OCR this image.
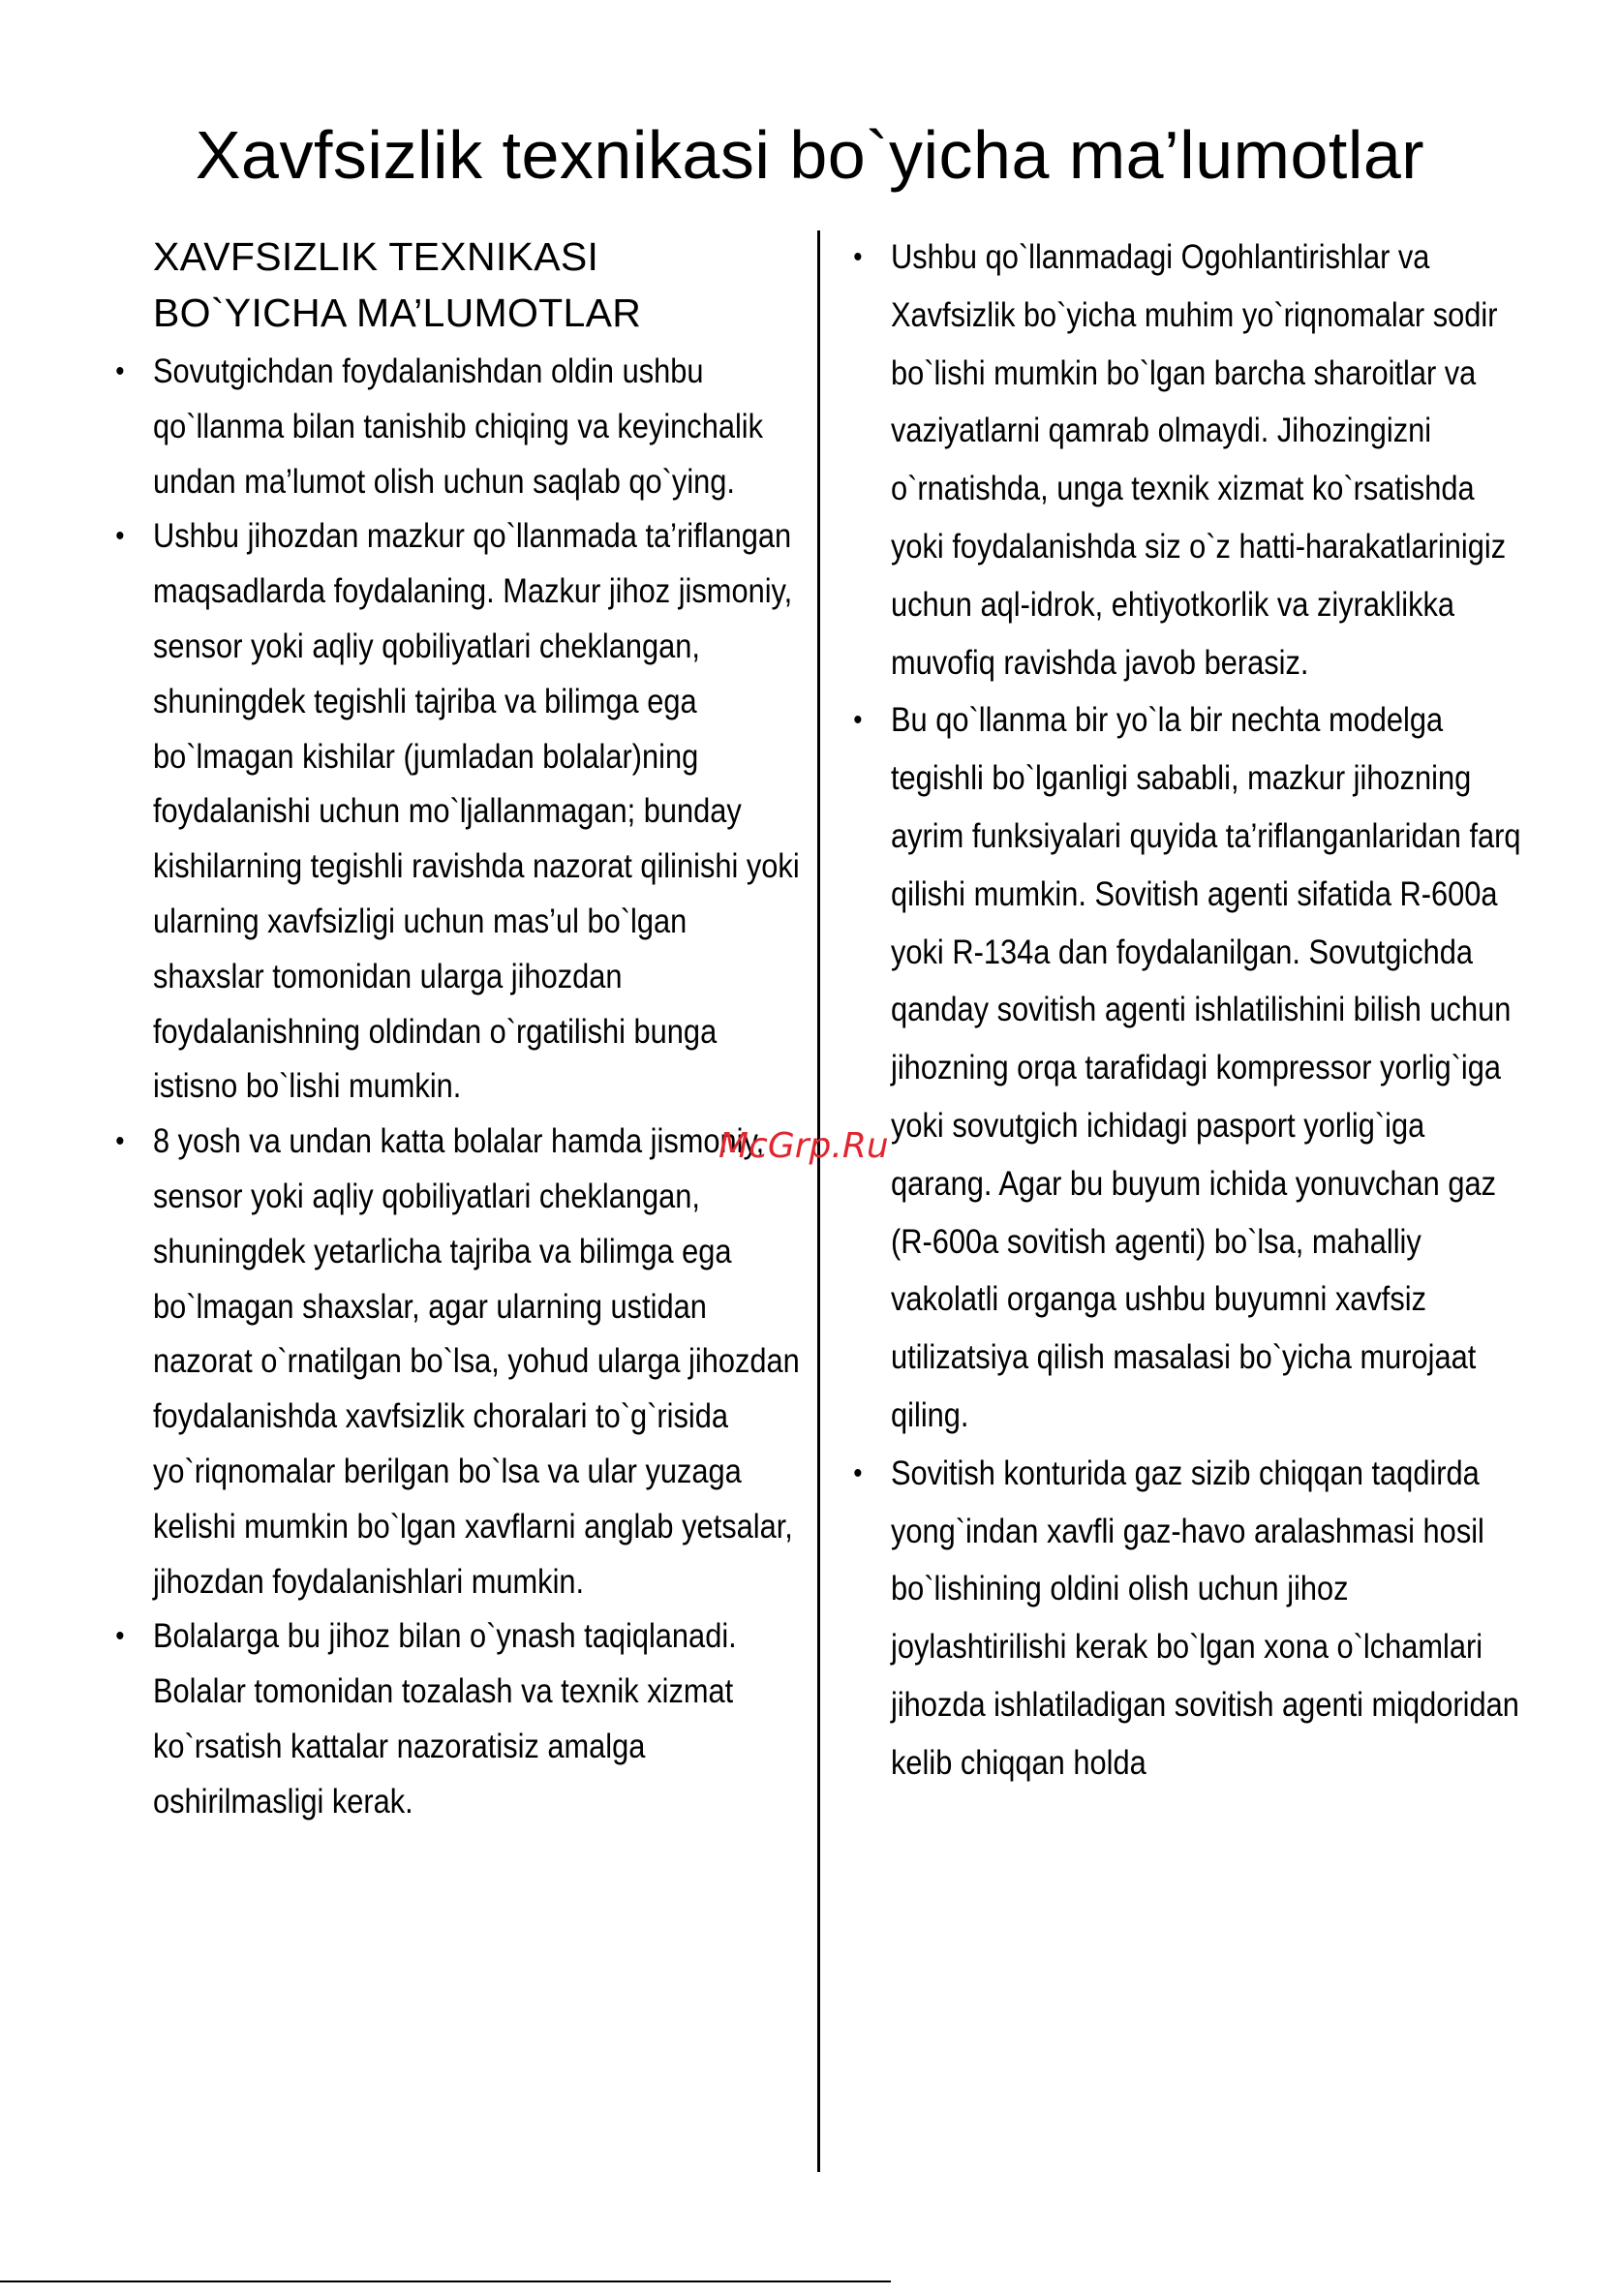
Xavfsizlik texnikasi bo`yicha ma’lumotlar
XAVFSIZLIK TEXNIKASI
BO`YICHA MA’LUMOTLAR
• Sovutgichdan foydalanishdan oldin ushbu qo`llanma bilan tanishib chiqing va keyinchalik undan ma’lumot olish uchun saqlab qo`ying.
• Ushbu jihozdan mazkur qo`llanmada ta’riflangan maqsadlarda foydalaning. Mazkur jihoz jismoniy, sensor yoki aqliy qobiliyatlari cheklangan, shuningdek tegishli tajriba va bilimga ega bo`lmagan kishilar (jumladan bolalar)ning foydalanishi uchun mo`ljallanmagan; bunday kishilarning tegishli ravishda nazorat qilinishi yoki ularning xavfsizligi uchun mas’ul bo`lgan shaxslar tomonidan ularga jihozdan foydalanishning oldindan o`rgatilishi bunga istisno bo`lishi mumkin.
• 8 yosh va undan katta bolalar hamda jismoniy, sensor yoki aqliy qobiliyatlari cheklangan, shuningdek yetarlicha tajriba va bilimga ega bo`lmagan shaxslar, agar ularning ustidan nazorat o`rnatilgan bo`lsa, yohud ularga jihozdan foydalanishda xavfsizlik choralari to`g`risida yo`riqnomalar berilgan bo`lsa va ular yuzaga kelishi mumkin bo`lgan xavflarni anglab yetsalar, jihozdan foydalanishlari mumkin.
• Bolalarga bu jihoz bilan o`ynash taqiqlanadi. Bolalar tomonidan tozalash va texnik xizmat ko`rsatish kattalar nazoratisiz amalga oshirilmasligi kerak.
• Ushbu qo`llanmadagi Ogohlantirishlar va Xavfsizlik bo`yicha muhim yo`riqnomalar sodir bo`lishi mumkin bo`lgan barcha sharoitlar va vaziyatlarni qamrab olmaydi. Jihozingizni o`rnatishda, unga texnik xizmat ko`rsatishda yoki foydalanishda siz o`z hatti-harakatlarinigiz uchun aql-idrok, ehtiyotkorlik va ziyraklikka muvofiq ravishda javob berasiz.
• Bu qo`llanma bir yo`la bir nechta modelga tegishli bo`lganligi sababli, mazkur jihozning ayrim funksiyalari quyida ta’riflanganlaridan farq qilishi mumkin. Sovitish agenti sifatida R-600a yoki R-134a dan foydalanilgan. Sovutgichda qanday sovitish agenti ishlatilishini bilish uchun jihozning orqa tarafidagi kompressor yorlig`iga yoki sovutgich ichidagi pasport yorlig`iga qarang. Agar bu buyum ichida yonuvchan gaz (R-600a sovitish agenti) bo`lsa, mahalliy vakolatli organga ushbu buyumni xavfsiz utilizatsiya qilish masalasi bo`yicha murojaat qiling.
• Sovitish konturida gaz sizib chiqqan taqdirda yong`indan xavfli gaz-havo aralashmasi hosil bo`lishining oldini olish uchun jihoz joylashtirilishi kerak bo`lgan xona o`lchamlari jihozda ishlatiladigan sovitish agenti miqdoridan kelib chiqqan holda
McGrp.Ru
